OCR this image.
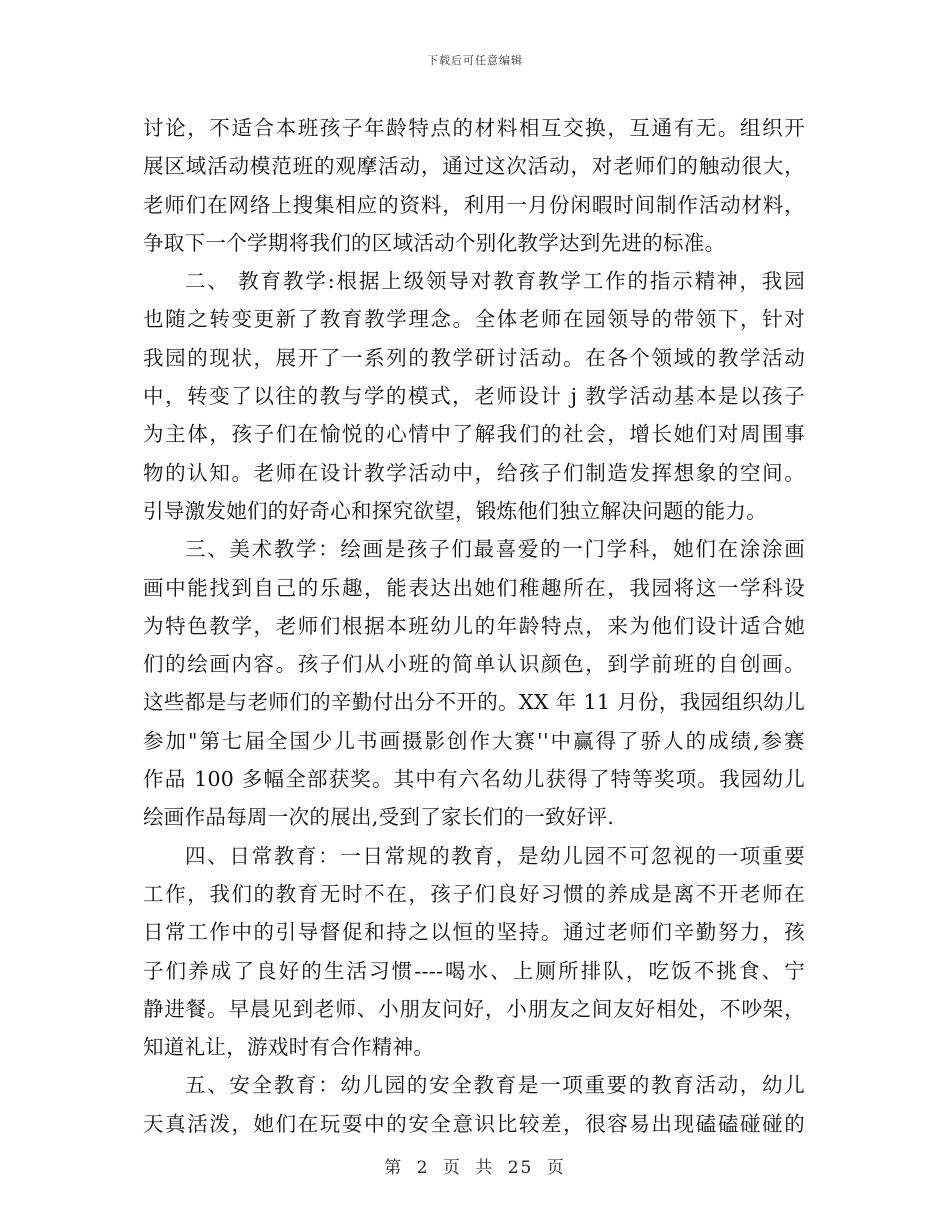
下载后可任意编辑
讨论，不适合本班孩子年龄特点的材料相互交换，互通有无。组织开
展区域活动模范班的观摩活动，通过这次活动，对老师们的触动很大，
老师们在网络上搜集相应的资料，利用一月份闲暇时间制作活动材料，
争取下一个学期将我们的区域活动个别化教学达到先进的标准。
二、 教育教学:根据上级领导对教育教学工作的指示精神，我园
也随之转变更新了教育教学理念。全体老师在园领导的带领下，针对
我园的现状，展开了一系列的教学研讨活动。在各个领域的教学活动
中，转变了以往的教与学的模式，老师设计 j 教学活动基本是以孩子
为主体，孩子们在愉悦的心情中了解我们的社会，增长她们对周围事
物的认知。老师在设计教学活动中，给孩子们制造发挥想象的空间。
引导激发她们的好奇心和探究欲望，锻炼他们独立解决问题的能力。
三、美术教学：绘画是孩子们最喜爱的一门学科，她们在涂涂画
画中能找到自己的乐趣，能表达出她们稚趣所在，我园将这一学科设
为特色教学，老师们根据本班幼儿的年龄特点，来为他们设计适合她
们的绘画内容。孩子们从小班的简单认识颜色，到学前班的自创画。
这些都是与老师们的辛勤付出分不开的。XX 年 11 月份，我园组织幼儿
参加"第七届全国少儿书画摄影创作大赛''中赢得了骄人的成绩,参赛
作品 100 多幅全部获奖。其中有六名幼儿获得了特等奖项。我园幼儿
绘画作品每周一次的展出,受到了家长们的一致好评.
四、日常教育：一日常规的教育，是幼儿园不可忽视的一项重要
工作，我们的教育无时不在，孩子们良好习惯的养成是离不开老师在
日常工作中的引导督促和持之以恒的坚持。通过老师们辛勤努力，孩
子们养成了良好的生活习惯----喝水、上厕所排队，吃饭不挑食、宁
静进餐。早晨见到老师、小朋友问好，小朋友之间友好相处，不吵架，
知道礼让，游戏时有合作精神。
五、安全教育：幼儿园的安全教育是一项重要的教育活动，幼儿
天真活泼，她们在玩耍中的安全意识比较差，很容易出现磕磕碰碰的
第 2 页 共 25 页
